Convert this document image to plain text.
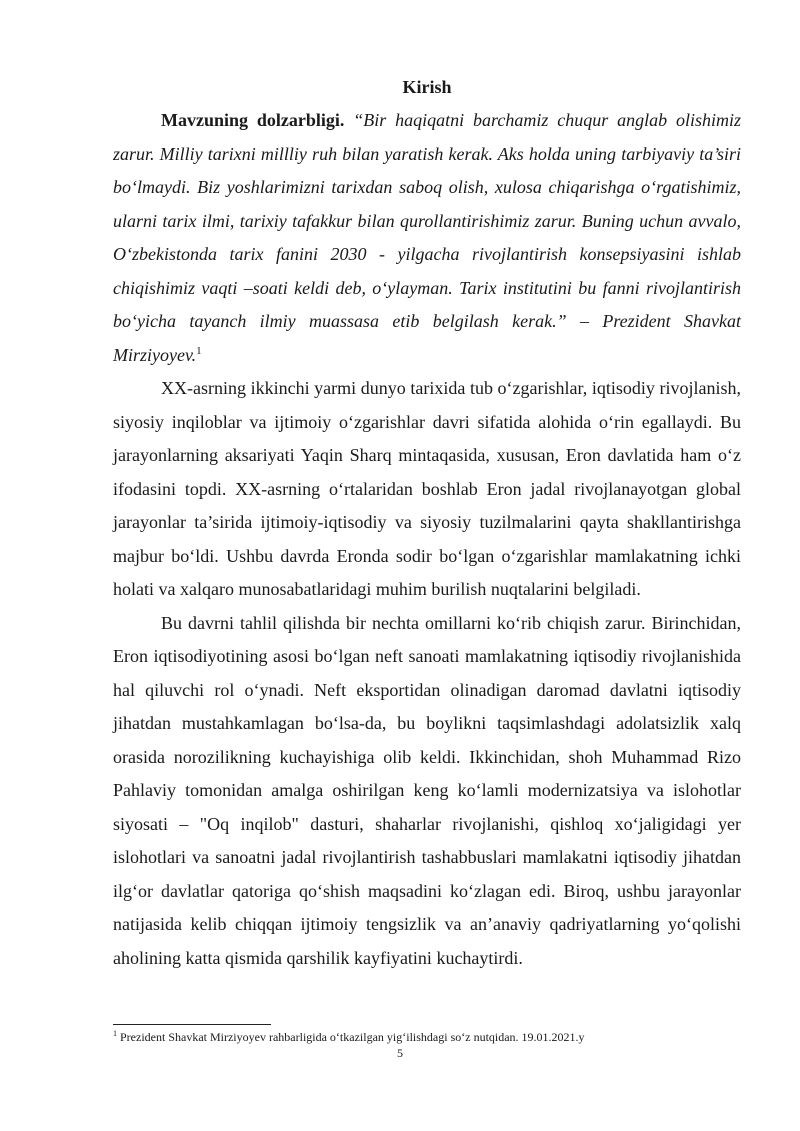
Kirish

Mavzuning dolzarbligi. “Bir haqiqatni barchamiz chuqur anglab olishimiz zarur. Milliy tarixni millliy ruh bilan yaratish kerak. Aks holda uning tarbiyaviy ta’siri bo‘lmaydi. Biz yoshlarimizni tarixdan saboq olish, xulosa chiqarishga o‘rgatishimiz, ularni tarix ilmi, tarixiy tafakkur bilan qurollantirishimiz zarur. Buning uchun avvalo, O‘zbekistonda tarix fanini 2030 - yilgacha rivojlantirish konsepsiyasini ishlab chiqishimiz vaqti –soati keldi deb, o‘ylayman. Tarix institutini bu fanni rivojlantirish bo‘yicha tayanch ilmiy muassasa etib belgilash kerak.” – Prezident Shavkat Mirziyoyev.$^1$

XX-asrning ikkinchi yarmi dunyo tarixida tub o‘zgarishlar, iqtisodiy rivojlanish, siyosiy inqiloblar va ijtimoiy o‘zgarishlar davri sifatida alohida o‘rin egallaydi. Bu jarayonlarning aksariyati Yaqin Sharq mintaqasida, xususan, Eron davlatida ham o‘z ifodasini topdi. XX-asrning o‘rtalaridan boshlab Eron jadal rivojlanayotgan global jarayonlar ta’sirida ijtimoiy-iqtisodiy va siyosiy tuzilmalarini qayta shakllantirishga majbur bo‘ldi. Ushbu davrda Eronda sodir bo‘lgan o‘zgarishlar mamlakatning ichki holati va xalqaro munosabatlaridagi muhim burilish nuqtalarini belgiladi.

Bu davrni tahlil qilishda bir nechta omillarni ko‘rib chiqish zarur. Birinchidan, Eron iqtisodiyotining asosi bo‘lgan neft sanoati mamlakatning iqtisodiy rivojlanishida hal qiluvchi rol o‘ynadi. Neft eksportidan olinadigan daromad davlatni iqtisodiy jihatdan mustahkamlagan bo‘lsa-da, bu boylikni taqsimlashdagi adolatsizlik xalq orasida norozilikning kuchayishiga olib keldi. Ikkinchidan, shoh Muhammad Rizo Pahlaviy tomonidan amalga oshirilgan keng ko‘lamli modernizatsiya va islohotlar siyosati – "Oq inqilob" dasturi, shaharlar rivojlanishi, qishloq xo‘jaligidagi yer islohotlari va sanoatni jadal rivojlantirish tashabbuslari mamlakatni iqtisodiy jihatdan ilg‘or davlatlar qatoriga qo‘shish maqsadini ko‘zlagan edi. Biroq, ushbu jarayonlar natijasida kelib chiqqan ijtimoiy tengsizlik va an’anaviy qadriyatlarning yo‘qolishi aholining katta qismida qarshilik kayfiyatini kuchaytirdi.

$^1$ Prezident Shavkat Mirziyoyev rahbarligida o‘tkazilgan yig‘ilishdagi so‘z nutqidan. 19.01.2021.y
5
